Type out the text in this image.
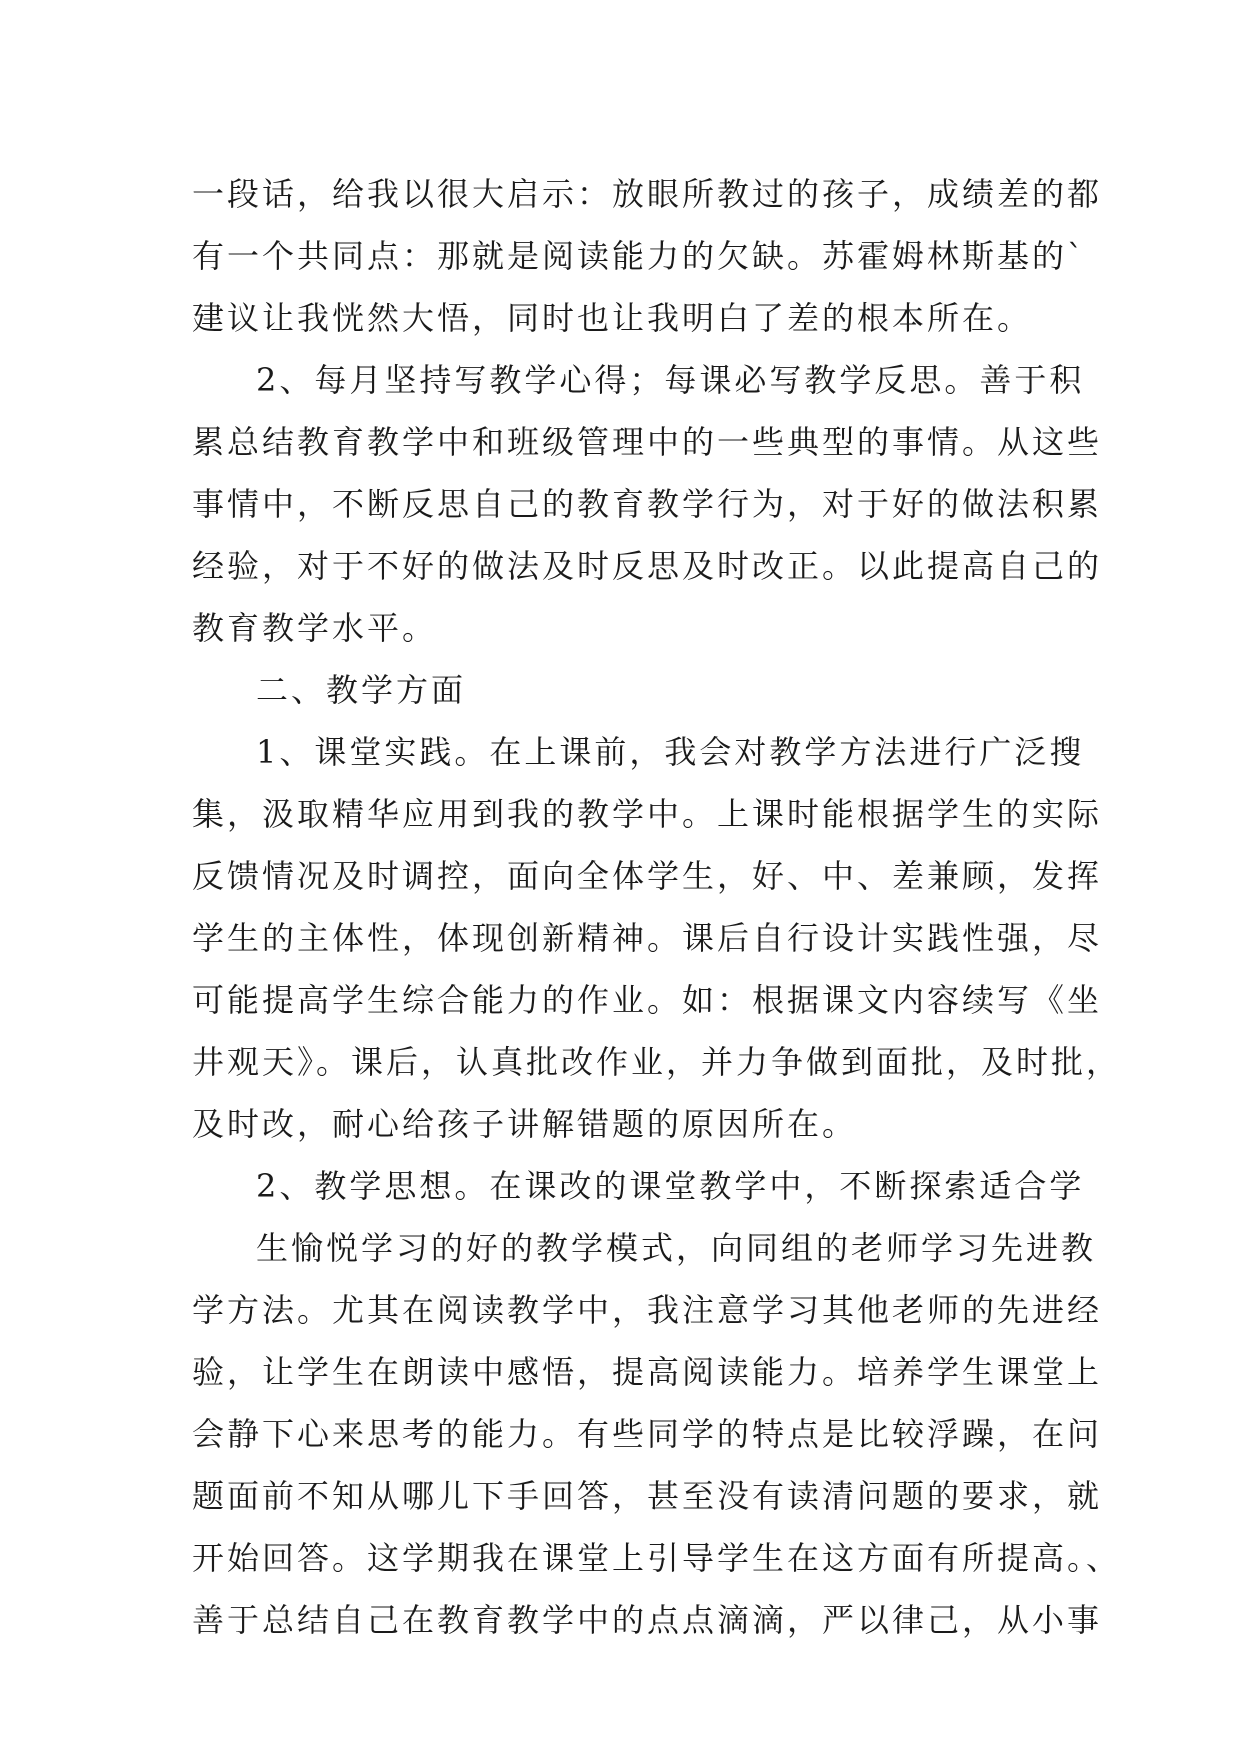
一段话，给我以很大启示：放眼所教过的孩子，成绩差的都
有一个共同点：那就是阅读能力的欠缺。苏霍姆林斯基的`
建议让我恍然大悟，同时也让我明白了差的根本所在。
2、每月坚持写教学心得；每课必写教学反思。善于积
累总结教育教学中和班级管理中的一些典型的事情。从这些
事情中，不断反思自己的教育教学行为，对于好的做法积累
经验，对于不好的做法及时反思及时改正。以此提高自己的
教育教学水平。
二、教学方面
1、课堂实践。在上课前，我会对教学方法进行广泛搜
集，汲取精华应用到我的教学中。上课时能根据学生的实际
反馈情况及时调控，面向全体学生，好、中、差兼顾，发挥
学生的主体性，体现创新精神。课后自行设计实践性强，尽
可能提高学生综合能力的作业。如：根据课文内容续写《坐
井观天》。课后，认真批改作业，并力争做到面批，及时批，
及时改，耐心给孩子讲解错题的原因所在。
2、教学思想。在课改的课堂教学中，不断探索适合学
生愉悦学习的好的教学模式，向同组的老师学习先进教
学方法。尤其在阅读教学中，我注意学习其他老师的先进经
验，让学生在朗读中感悟，提高阅读能力。培养学生课堂上
会静下心来思考的能力。有些同学的特点是比较浮躁，在问
题面前不知从哪儿下手回答，甚至没有读清问题的要求，就
开始回答。这学期我在课堂上引导学生在这方面有所提高。、
善于总结自己在教育教学中的点点滴滴，严以律己，从小事
